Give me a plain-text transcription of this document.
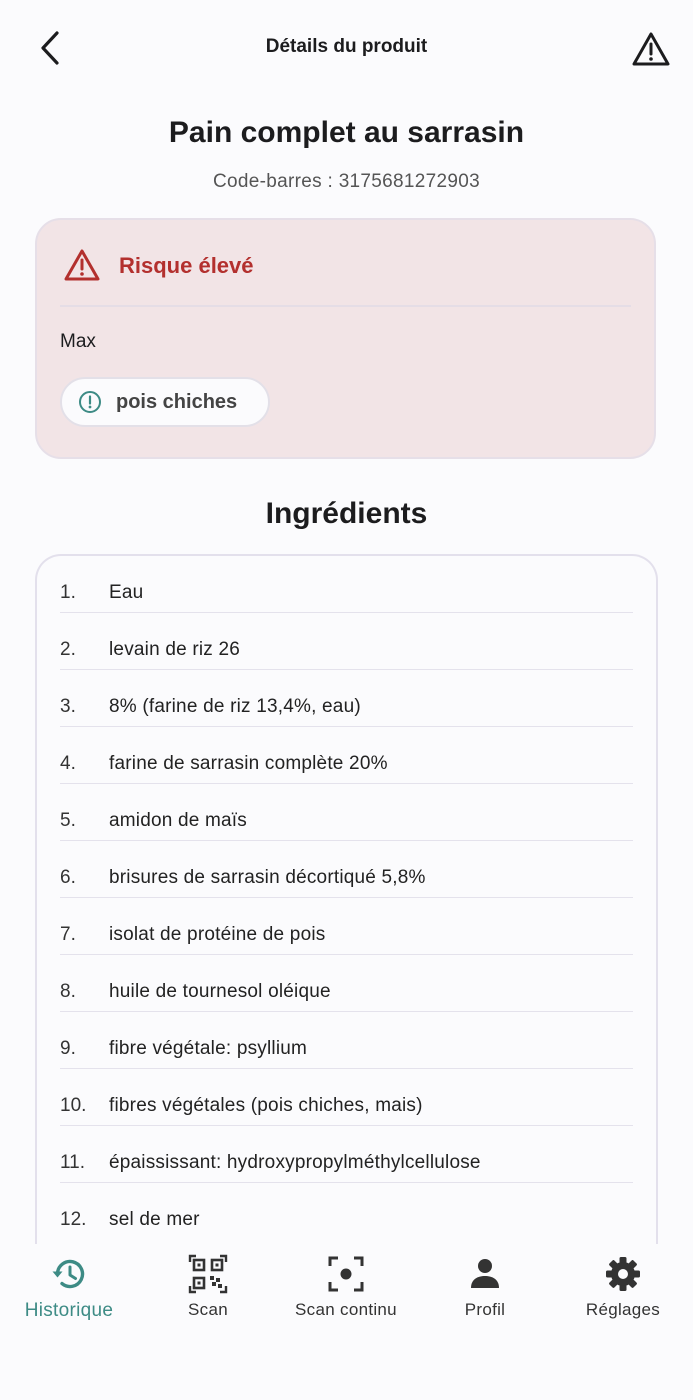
Détails du produit
Pain complet au sarrasin
Code-barres : 3175681272903
Risque élevé
Max
pois chiches
Ingrédients
1. Eau
2. levain de riz 26
3. 8% (farine de riz 13,4%, eau)
4. farine de sarrasin complète 20%
5. amidon de maïs
6. brisures de sarrasin décortiqué 5,8%
7. isolat de protéine de pois
8. huile de tournesol oléique
9. fibre végétale: psyllium
10. fibres végétales (pois chiches, mais)
11. épaississant: hydroxypropylméthylcellulose
12. sel de mer
Historique	Scan	Scan continu	Profil	Réglages
